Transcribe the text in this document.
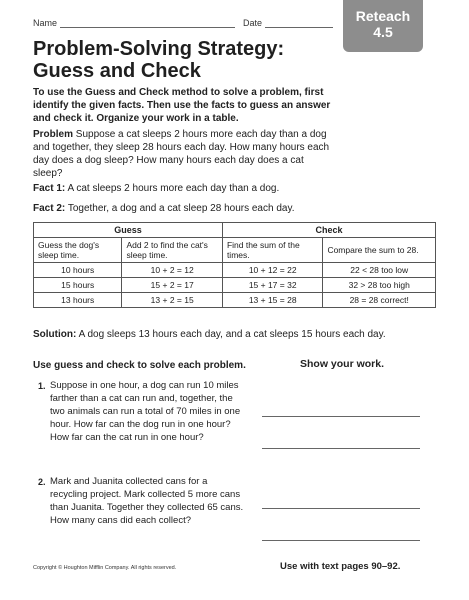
Name	Date	Reteach
4.5
Problem-Solving Strategy:
Guess and Check
To use the Guess and Check method to solve a problem, first identify the given facts. Then use the facts to guess an answer and check it. Organize your work in a table.
Problem Suppose a cat sleeps 2 hours more each day than a dog and together, they sleep 28 hours each day. How many hours each day does a dog sleep? How many hours each day does a cat sleep?
Fact 1: A cat sleeps 2 hours more each day than a dog.
Fact 2: Together, a dog and a cat sleep 28 hours each day.
Guess		Check	
Guess the dog's sleep time.	Add 2 to find the cat's sleep time.	Find the sum of the times.	Compare the sum to 28.
10 hours	10 + 2 = 12	10 + 12 = 22	22 < 28 too low
15 hours	15 + 2 = 17	15 + 17 = 32	32 > 28 too high
13 hours	13 + 2 = 15	13 + 15 = 28	28 = 28 correct!
Solution: A dog sleeps 13 hours each day, and a cat sleeps 15 hours each day.
Use guess and check to solve each problem.	Show your work.
1. Suppose in one hour, a dog can run 10 miles farther than a cat can run and, together, the two animals can run a total of 70 miles in one hour. How far can the dog run in one hour? How far can the cat run in one hour?
2. Mark and Juanita collected cans for a recycling project. Mark collected 5 more cans than Juanita. Together they collected 65 cans. How many cans did each collect?
Copyright © Houghton Mifflin Company. All rights reserved.	Use with text pages 90–92.
